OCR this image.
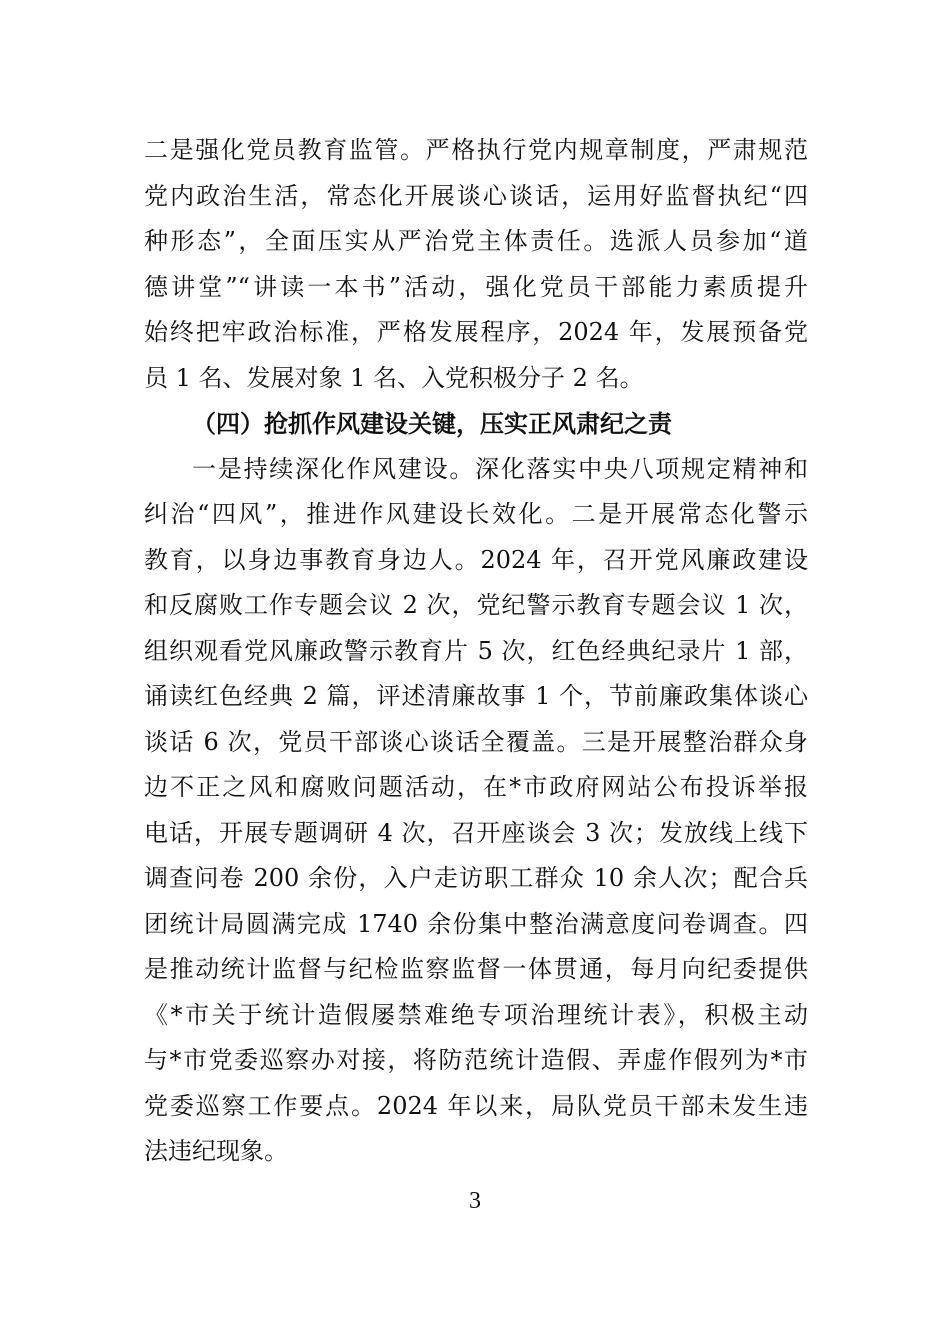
二是强化党员教育监管。严格执行党内规章制度，严肃规范
党内政治生活，常态化开展谈心谈话，运用好监督执纪“四
种形态”，全面压实从严治党主体责任。选派人员参加“道
德讲堂”“讲读一本书”活动，强化党员干部能力素质提升
始终把牢政治标准，严格发展程序，2024 年，发展预备党
员 1 名、发展对象 1 名、入党积极分子 2 名。
（四）抢抓作风建设关键，压实正风肃纪之责
一是持续深化作风建设。深化落实中央八项规定精神和
纠治“四风”，推进作风建设长效化。二是开展常态化警示
教育，以身边事教育身边人。2024 年，召开党风廉政建设
和反腐败工作专题会议 2 次，党纪警示教育专题会议 1 次，
组织观看党风廉政警示教育片 5 次，红色经典纪录片 1 部，
诵读红色经典 2 篇，评述清廉故事 1 个，节前廉政集体谈心
谈话 6 次，党员干部谈心谈话全覆盖。三是开展整治群众身
边不正之风和腐败问题活动，在*市政府网站公布投诉举报
电话，开展专题调研 4 次，召开座谈会 3 次；发放线上线下
调查问卷 200 余份，入户走访职工群众 10 余人次；配合兵
团统计局圆满完成 1740 余份集中整治满意度问卷调查。四
是推动统计监督与纪检监察监督一体贯通，每月向纪委提供
《*市关于统计造假屡禁难绝专项治理统计表》，积极主动
与*市党委巡察办对接，将防范统计造假、弄虚作假列为*市
党委巡察工作要点。2024 年以来，局队党员干部未发生违
法违纪现象。
3
